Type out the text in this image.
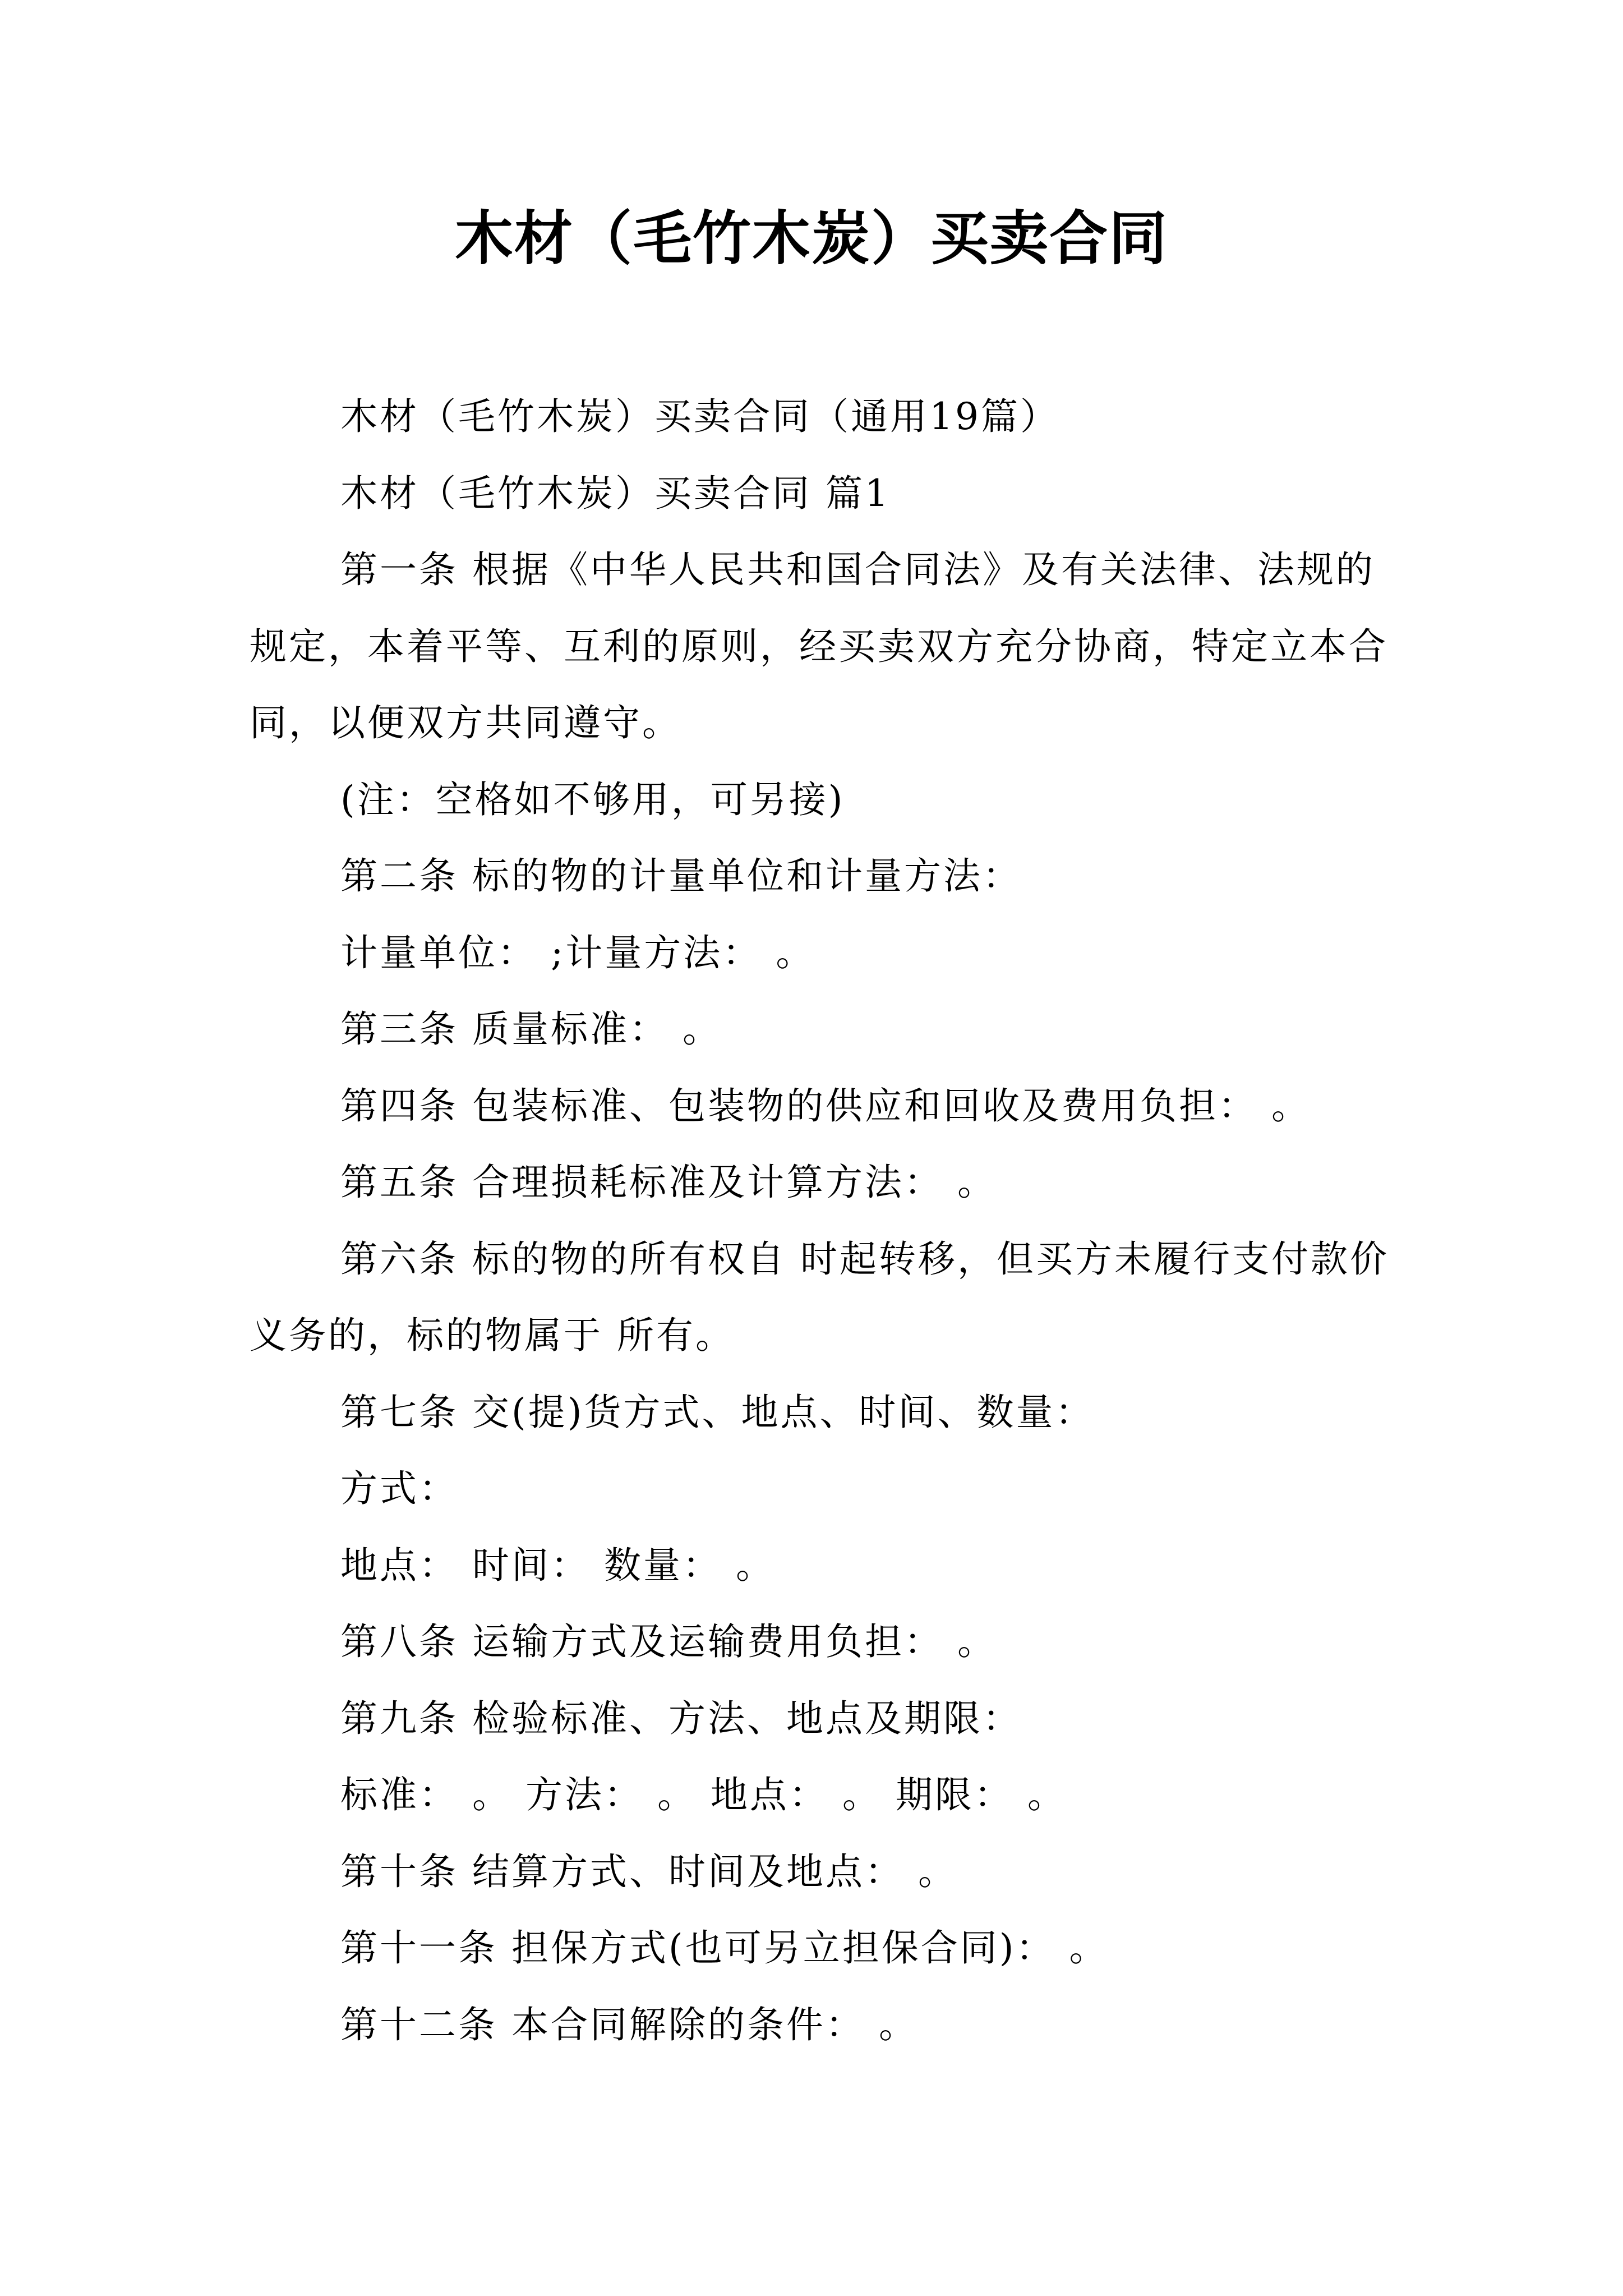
木材（毛竹木炭）买卖合同

木材（毛竹木炭）买卖合同（通用19篇）

木材（毛竹木炭）买卖合同 篇1

第一条 根据《中华人民共和国合同法》及有关法律、法规的规定，本着平等、互利的原则，经买卖双方充分协商，特定立本合同，以便双方共同遵守。

(注：空格如不够用，可另接)

第二条 标的物的计量单位和计量方法：

计量单位： ;计量方法： 。

第三条 质量标准： 。

第四条 包装标准、包装物的供应和回收及费用负担： 。

第五条 合理损耗标准及计算方法： 。

第六条 标的物的所有权自 时起转移，但买方未履行支付款价义务的，标的物属于 所有。

第七条 交(提)货方式、地点、时间、数量：

方式：

地点： 时间： 数量： 。

第八条 运输方式及运输费用负担： 。

第九条 检验标准、方法、地点及期限：

标准： 。 方法： 。 地点： 。 期限： 。

第十条 结算方式、时间及地点： 。

第十一条 担保方式(也可另立担保合同)： 。

第十二条 本合同解除的条件： 。
